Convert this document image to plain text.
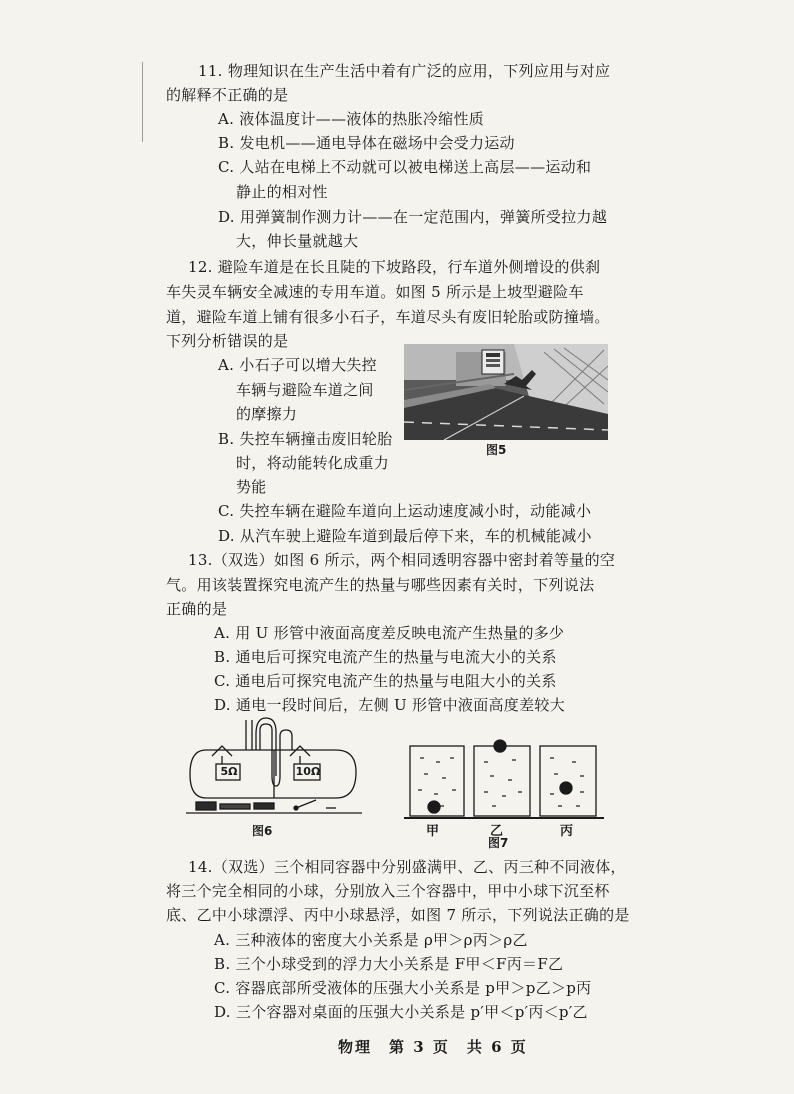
11. 物理知识在生产生活中着有广泛的应用，下列应用与对应
的解释不正确的是
A. 液体温度计——液体的热胀冷缩性质
B. 发电机——通电导体在磁场中会受力运动
C. 人站在电梯上不动就可以被电梯送上高层——运动和
静止的相对性
D. 用弹簧制作测力计——在一定范围内，弹簧所受拉力越
大，伸长量就越大
12. 避险车道是在长且陡的下坡路段，行车道外侧增设的供刹
车失灵车辆安全减速的专用车道。如图 5 所示是上坡型避险车
道，避险车道上铺有很多小石子，车道尽头有废旧轮胎或防撞墙。
下列分析错误的是
A. 小石子可以增大失控
车辆与避险车道之间
的摩擦力
B. 失控车辆撞击废旧轮胎
时，将动能转化成重力
势能
C. 失控车辆在避险车道向上运动速度减小时，动能减小
D. 从汽车驶上避险车道到最后停下来，车的机械能减小
图5
13.（双选）如图 6 所示，两个相同透明容器中密封着等量的空
气。用该装置探究电流产生的热量与哪些因素有关时，下列说法
正确的是
A. 用 U 形管中液面高度差反映电流产生热量的多少
B. 通电后可探究电流产生的热量与电流大小的关系
C. 通电后可探究电流产生的热量与电阻大小的关系
D. 通电一段时间后，左侧 U 形管中液面高度差较大
5Ω	10Ω
图6	甲	乙	丙
图7
14.（双选）三个相同容器中分别盛满甲、乙、丙三种不同液体，
将三个完全相同的小球，分别放入三个容器中，甲中小球下沉至杯
底、乙中小球漂浮、丙中小球悬浮，如图 7 所示，下列说法正确的是
A. 三种液体的密度大小关系是 ρ甲＞ρ丙＞ρ乙
B. 三个小球受到的浮力大小关系是 F甲＜F丙＝F乙
C. 容器底部所受液体的压强大小关系是 p甲＞p乙＞p丙
D. 三个容器对桌面的压强大小关系是 p′甲＜p′丙＜p′乙
物理　第 3 页　共 6 页
